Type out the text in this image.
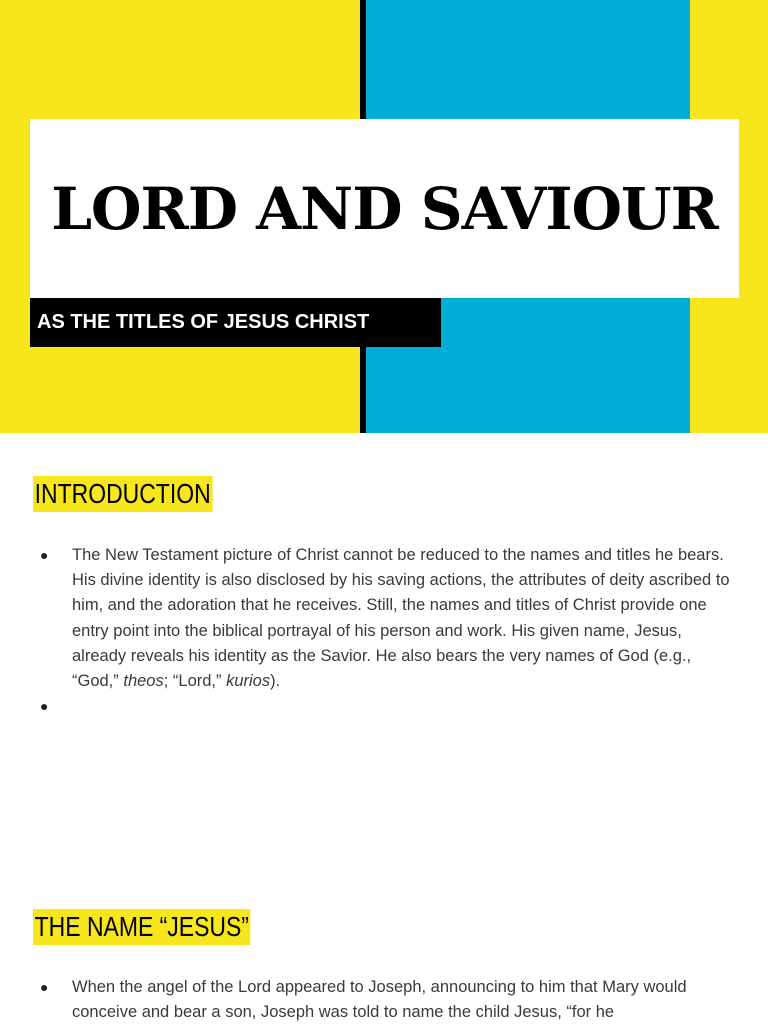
LORD AND SAVIOUR
AS THE TITLES OF JESUS CHRIST
INTRODUCTION
● The New Testament picture of Christ cannot be reduced to the names and titles he bears. His divine identity is also disclosed by his saving actions, the attributes of deity ascribed to him, and the adoration that he receives. Still, the names and titles of Christ provide one entry point into the biblical portrayal of his person and work. His given name, Jesus, already reveals his identity as the Savior. He also bears the very names of God (e.g., “God,” theos; “Lord,” kurios).
●
THE NAME “JESUS”
● When the angel of the Lord appeared to Joseph, announcing to him that Mary would conceive and bear a son, Joseph was told to name the child Jesus, “for he
